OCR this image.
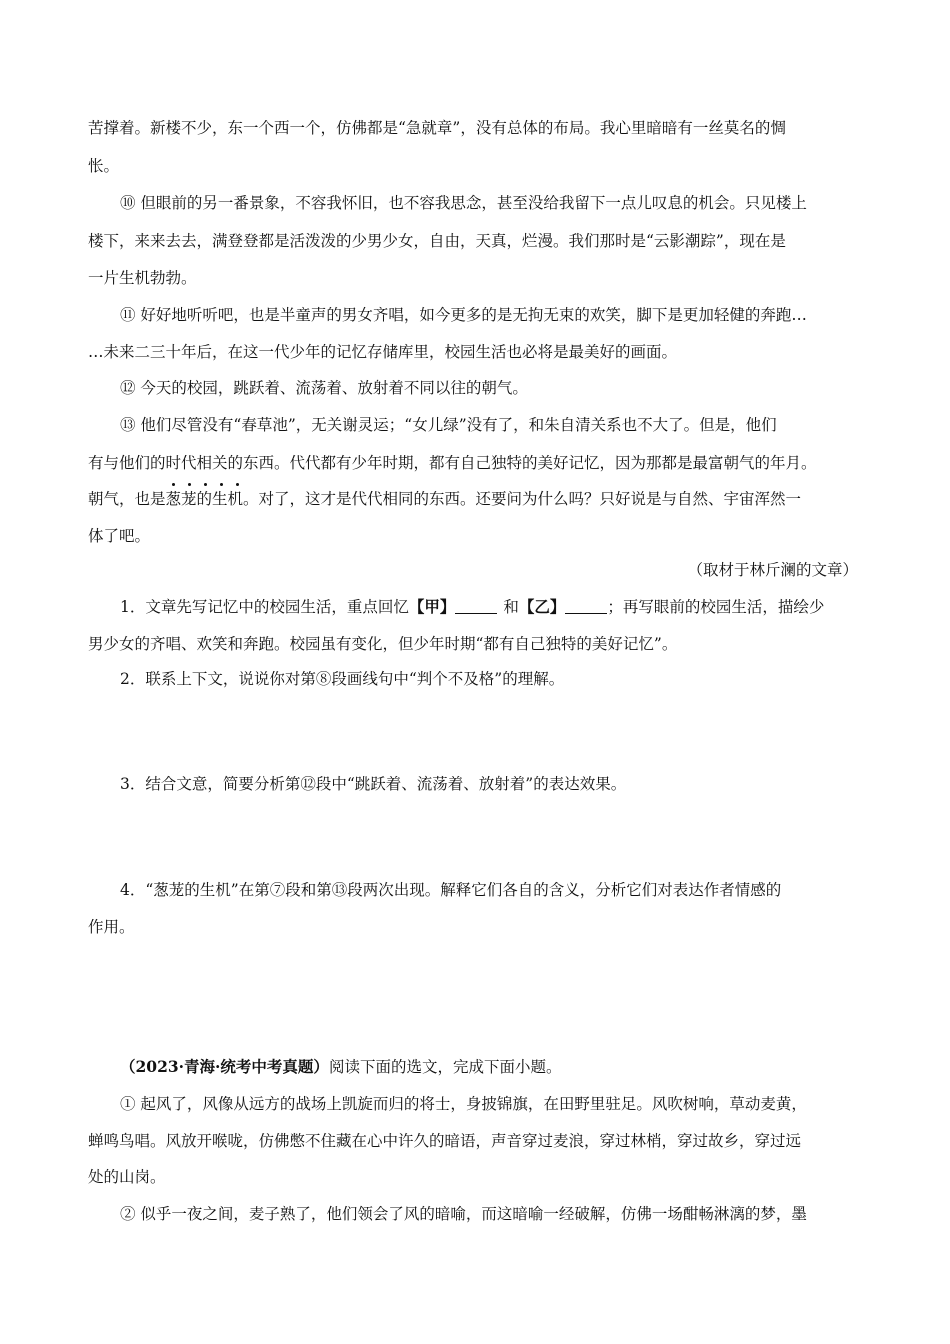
苦撑着。新楼不少，东一个西一个，仿佛都是“急就章”，没有总体的布局。我心里暗暗有一丝莫名的惆
怅。
⑩ 但眼前的另一番景象，不容我怀旧，也不容我思念，甚至没给我留下一点儿叹息的机会。只见楼上
楼下，来来去去，满登登都是活泼泼的少男少女，自由，天真，烂漫。我们那时是“云影潮踪”，现在是
一片生机勃勃。
⑪ 好好地听听吧，也是半童声的男女齐唱，如今更多的是无拘无束的欢笑，脚下是更加轻健的奔跑…
…未来二三十年后，在这一代少年的记忆存储库里，校园生活也必将是最美好的画面。
⑫ 今天的校园，跳跃着、流荡着、放射着不同以往的朝气。
⑬ 他们尽管没有“春草池”，无关谢灵运；“女儿绿”没有了，和朱自清关系也不大了。但是，他们
有与他们的时代相关的东西。代代都有少年时期，都有自己独特的美好记忆，因为那都是最富朝气的年月。
朝气，也是
葱茏的生机。对了，这才是代代相同的东西。还要问为什么吗？只好说是与自然、宇宙浑然一
体了吧。
（取材于林斤澜的文章）
1．文章先写记忆中的校园生活，重点回忆【甲】	和【乙】	；再写眼前的校园生活，描绘少
男少女的齐唱、欢笑和奔跑。校园虽有变化，但少年时期“都有自己独特的美好记忆”。
2．联系上下文，说说你对第⑧段画线句中“判个不及格”的理解。
3．结合文意，简要分析第⑫段中“跳跃着、流荡着、放射着”的表达效果。
4．“葱茏的生机”在第⑦段和第⑬段两次出现。解释它们各自的含义，分析它们对表达作者情感的
作用。
（2023·青海·统考中考真题）阅读下面的选文，完成下面小题。
① 起风了，风像从远方的战场上凯旋而归的将士，身披锦旗，在田野里驻足。风吹树响，草动麦黄，
蝉鸣鸟唱。风放开喉咙，仿佛憋不住藏在心中许久的暗语，声音穿过麦浪，穿过林梢，穿过故乡，穿过远
处的山岗。
② 似乎一夜之间，麦子熟了，他们领会了风的暗喻，而这暗喻一经破解，仿佛一场酣畅淋漓的梦，墨
